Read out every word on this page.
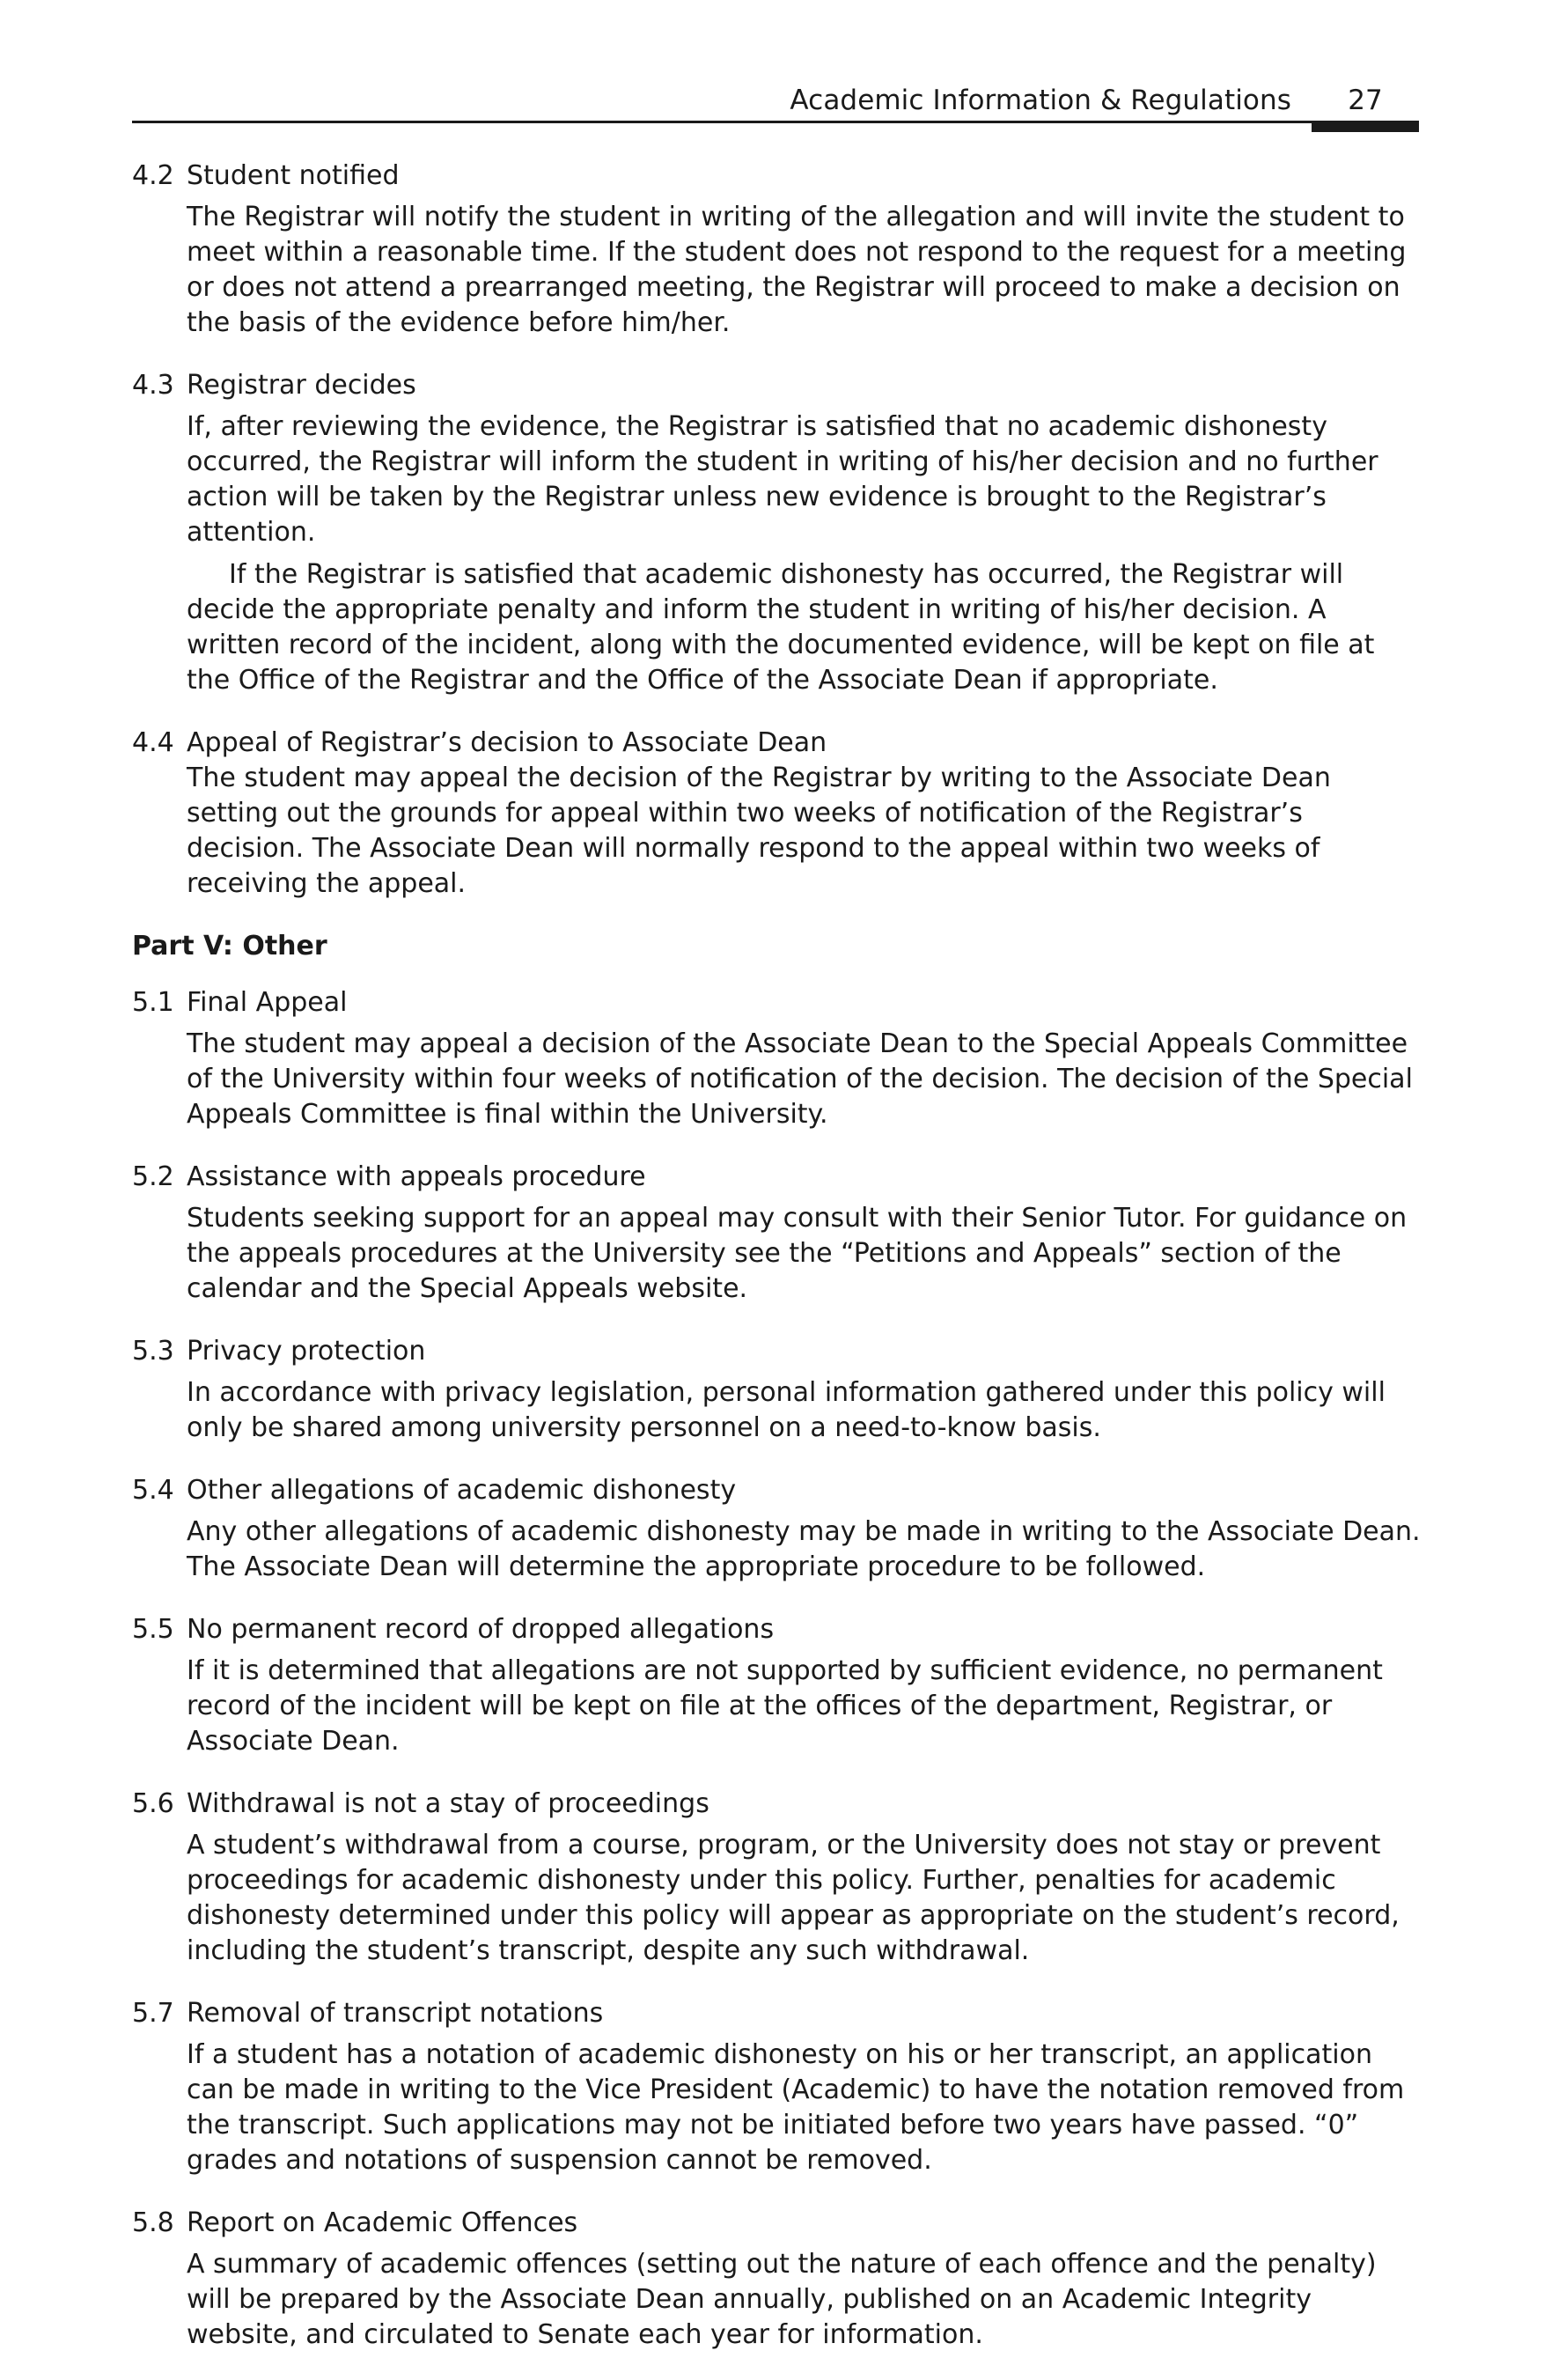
Academic Information & Regulations	27
4.2 Student notified

The Registrar will notify the student in writing of the allegation and will invite the student to meet within a reasonable time. If the student does not respond to the request for a meeting or does not attend a prearranged meeting, the Registrar will proceed to make a decision on the basis of the evidence before him/her.

4.3 Registrar decides

If, after reviewing the evidence, the Registrar is satisfied that no academic dishonesty occurred, the Registrar will inform the student in writing of his/her decision and no further action will be taken by the Registrar unless new evidence is brought to the Registrar’s attention.

If the Registrar is satisfied that academic dishonesty has occurred, the Registrar will decide the appropriate penalty and inform the student in writing of his/her decision. A written record of the incident, along with the documented evidence, will be kept on file at the Office of the Registrar and the Office of the Associate Dean if appropriate.

4.4 Appeal of Registrar’s decision to Associate Dean

The student may appeal the decision of the Registrar by writing to the Associate Dean setting out the grounds for appeal within two weeks of notification of the Registrar’s decision. The Associate Dean will normally respond to the appeal within two weeks of receiving the appeal.

Part V: Other
5.1 Final Appeal

The student may appeal a decision of the Associate Dean to the Special Appeals Committee of the University within four weeks of notification of the decision. The decision of the Special Appeals Committee is final within the University.

5.2 Assistance with appeals procedure

Students seeking support for an appeal may consult with their Senior Tutor. For guidance on the appeals procedures at the University see the “Petitions and Appeals” section of the calendar and the Special Appeals website.

5.3 Privacy protection

In accordance with privacy legislation, personal information gathered under this policy will only be shared among university personnel on a need-to-know basis.

5.4 Other allegations of academic dishonesty

Any other allegations of academic dishonesty may be made in writing to the Associate Dean. The Associate Dean will determine the appropriate procedure to be followed.

5.5 No permanent record of dropped allegations

If it is determined that allegations are not supported by sufficient evidence, no permanent record of the incident will be kept on file at the offices of the department, Registrar, or Associate Dean.

5.6 Withdrawal is not a stay of proceedings

A student’s withdrawal from a course, program, or the University does not stay or prevent proceedings for academic dishonesty under this policy. Further, penalties for academic dishonesty determined under this policy will appear as appropriate on the student’s record, including the student’s transcript, despite any such withdrawal.

5.7 Removal of transcript notations

If a student has a notation of academic dishonesty on his or her transcript, an application can be made in writing to the Vice President (Academic) to have the notation removed from the transcript. Such applications may not be initiated before two years have passed. “0” grades and notations of suspension cannot be removed.

5.8 Report on Academic Offences

A summary of academic offences (setting out the nature of each offence and the penalty) will be prepared by the Associate Dean annually, published on an Academic Integrity website, and circulated to Senate each year for information.
